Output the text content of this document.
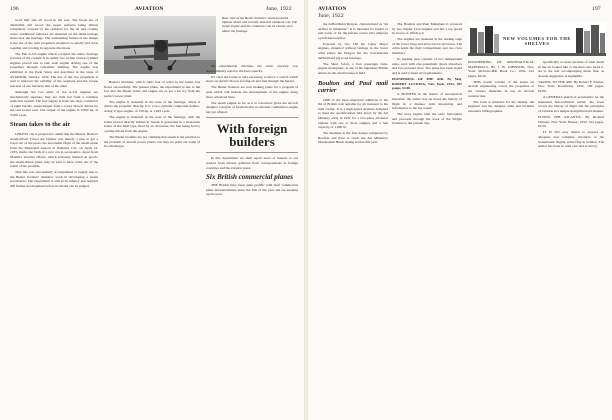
196	AVIATION	June, 1922

word half and all wood in the rear. The floats are of duralumin and wood; the upper surfaces being almost completely covered by the radiators for the oil and cooling water. Additional radiators are mounted on the undercarriage struts near the fuselage. The outstanding feature of the design is the use of the twin propellers mounted co-axially and close together and rotating in opposite directions.

The Fiat A.S.6 engine which occupies the entire fuselage forward of the cockpit is in reality two in-line twelve-cylinder engines placed end to end, each engine driving one of the propellers through concentric shafting. The engine was exhibited at the Paris Salon and described in the issue of AVIATION, January, 1932. The use of the two propellers is said to improve the stability of the seaplane and the torque reaction of one balances that of the other.

Although the two units of the A.S.6 engines are mechanically separate, they are both fed from a common induction system. The fuel supply is from one large carburetor of eight barrels, supercharged from a rotary blower driven by the rear power unit. The output of the engine is 2,800 hp. at 3,200 r.p.m.

Steam takes to the air

UNLESS one is prepared to admit that the Messrs. Besler's steam-driven Travel Air biplane was merely a ruse to get a boost out of the press, the successful flight of the steam plane from the Municipal Airport at Oakland, Cal., on April 12, 1933, marks the birth of a new era in aeronautics. Apart from Maxim's abortive efforts, which seriously marked an epoch, the steam-driven plane may be said to have come out of the realm of the possible.

That this was successfully accomplished is largely due to the Besler brothers' intensive work in developing a steam locomotive. The experiment is still in its infancy and requires still further development before its merits can be judged.

Rear view of the Besler brothers' steam-powered biplane which was recently tested at Oakland, Cal. The steam engine and the condenser can be clearly seen above the fuselage.

Besler's machine, with 6 cubic feet of water in the boiler, has flown successfully. The present plane, the experiment is due to the fact that the Besler boiler and engine are as yet a far cry from the perfect power plant.

The engine is mounted in the nose of the fuselage, where it drives the propeller directly. It is a two-cylinder compound double-acting V-type engine, of 150 hp. at 1,625 r.p.m.

The engine is mounted in the nose of the fuselage, with the boiler placed directly behind it. Steam is generated in a monotube boiler of the flash type, fired by an oil burner, the fuel being fed by a pump driven from the engine.

The Besler brothers are not claiming that steam is the solution to the problem of aircraft power plants, but they do point out some of its advantages.

the experimental machine, the water capacity was approximately equal to the fuel capacity.

It's clear the boiler is only necessary to throw a switch which starts an electric blower forcing air and fuel through the burner.

The Besler brothers are now making plans for a program of tests which will include the development of the engine along more advanced lines.

The steam engine as far as it is concerned gives the aircraft designer a degree of freedom that no internal combustion engine has yet offered.

With foreign builders

In this department we shall report news of interest to our readers from abroad, gathered from correspondents in foreign countries and the aviation press.

Six British commercial planes

THE British have been quite prolific with their commercial plane announcements since the first of the year and are keeping up the pace.

AVIATION
June, 1922
197
NEW VOLUMES FOR THE SHELVES

the deHavilland Dragon, characterized as "an airliner in miniature." It is intended for feeder or taxi work, or for the private owner who employs a professional pilot.

Powered by two 130 hp. Gipsy Major engines, mounted without fairings in the lower wing panel, the Dragon has the conventional deHavilland plywood fuselage.

The Short Scion, a four passenger twin-engine monoplane, is one of the ingenious British entries in the small transport field.

Boulton and Paul mail carrier

ONE of the most important additions to the list of British craft suitable for air transport is the mail carrier. It is a high-speed airplane designed to meet the specifications laid down by the Air Ministry early in 1931 for a two-place all-metal biplane with one or more engines and a fuel capacity of 1,000 lb.

The machine is the first design completed by Boulton and Paul to reach the Air Ministry's Martlesham Heath testing station this year.

The Boulton and Paul Mailplane is powered by two Napier Lion engines and has a top speed in excess of 160 m.p.h.

The engines are mounted in the leading edge of the lower wing and drive tractor airscrews. The cabin holds the mail compartment and two crew members.

Its landing gear consists of two independent units, each with oleo-pneumatic shock absorbers and low-pressure tires. The plane has been tested and is said to meet all requirements.

PIONEERING OF THE AIR. By Maj. ROBERT LUCKING, New York, 1932, 307 pages, $3.00.

A PIONEER in the matter of aeronautical literature, the author has set down the history of flight in a manner both interesting and informative to the lay reader.

The story begins with the early balloonists and proceeds through the work of the Wright brothers to the present day.

ENGINEERING OF AERONAUTICAL MATERIALS. By J. B. JOHNSON, New York: McGraw-Hill Book Co., 1932, 412 pages, $4.50.

THIS fourth volume of the series on aircraft engineering covers the properties of the various materials in use in aircraft construction.

The book is intended for the student, the engineer and the designer alike and includes extensive bibliographies.

specifically accurate pictures of what dwelt in the air looked like to the men who fared it. As to the text accompanying them, that, as already suggested, is negligible.

TAKING TO THE AIR. By Robert F. Fenton, New York: Doubleday, 1932, 190 pages, $2.00.

A GENERAL sketch of aeronautics for the interested non-technical reader, the book covers the history of flight and the principles of aviation in a simple straightforward manner.

FLYING THE ATLANTIC. By Richard Webster, New York: Harper, 1932, 312 pages, $2.50.

IT IS NO easy matter to prepare an adequate and complete chronicle of the transatlantic flights, some fifty in number. The author has done so with care and accuracy.
